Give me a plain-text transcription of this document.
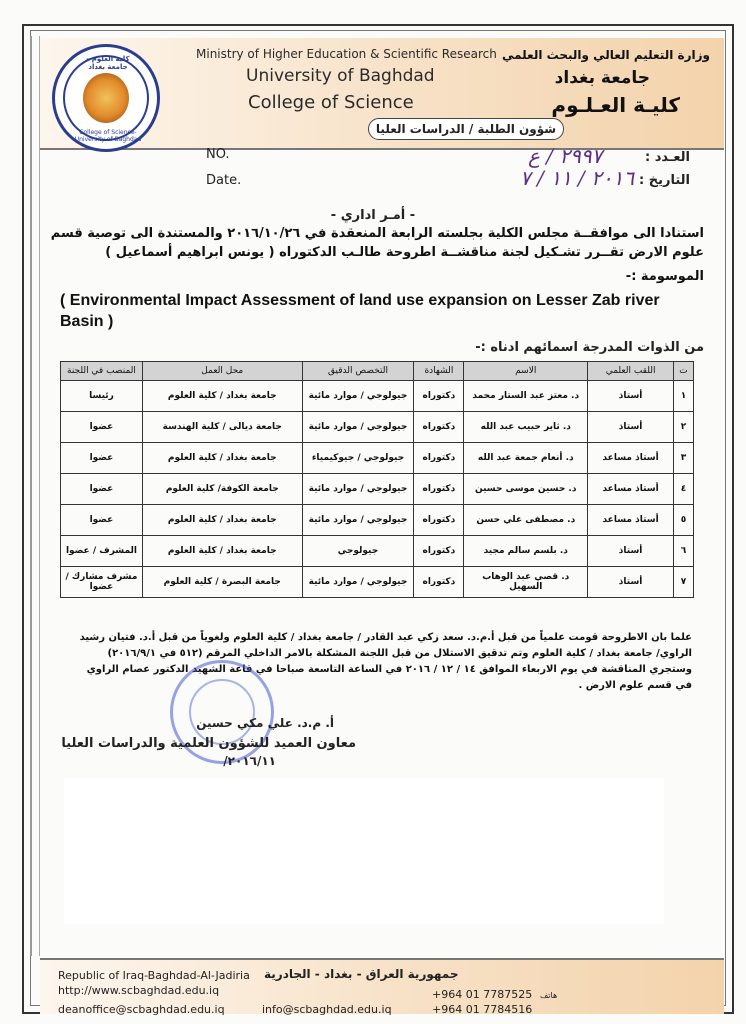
كلية العلوم - جامعة بغداد
College of Science-University of Baghdad
Ministry of Higher Education & Scientific Research
University of Baghdad
College of Science
وزارة التعليم العالي والبحث العلمي
جامعة بغداد
كليـة العـلـوم
شؤون الطلبة / الدراسات العليا
NO.
Date.
العـدد :
التاريخ :
٢٩٩٧ / ع
٢٠١٦ / ١١ / ٧
- أمـر اداري -
استنادا الى موافقــة مجلس الكلية بجلسته الرابعة المنعقدة في ٢٠١٦/١٠/٢٦ والمستندة الى توصية قسم
علوم الارض تقــرر تشـكيل لجنة مناقشــة اطروحة طالـب الدكتوراه ( يونس ابراهيم أسماعيل )
الموسومة :-
( Environmental Impact Assessment of land use expansion on Lesser Zab river Basin )
من الذوات المدرجة اسمائهم ادناه :-
ت	اللقب العلمي	الاسم	الشهادة	التخصص الدقيق	محل العمل	المنصب في اللجنة
١	أستاذ	د. معتز عبد الستار محمد	دكتوراه	جيولوجي / موارد مائية	جامعة بغداد / كلية العلوم	رئيسا
٢	أستاذ	د. ثاير حبيب عبد الله	دكتوراه	جيولوجي / موارد مائية	جامعة ديالى / كلية الهندسة	عضوا
٣	أستاذ مساعد	د. أنعام جمعة عبد الله	دكتوراه	جيولوجي / جيوكيمياء	جامعة بغداد / كلية العلوم	عضوا
٤	أستاذ مساعد	د. حسين موسى حسين	دكتوراه	جيولوجي / موارد مائية	جامعة الكوفة/ كلية العلوم	عضوا
٥	أستاذ مساعد	د. مصطفى علي حسن	دكتوراه	جيولوجي / موارد مائية	جامعة بغداد / كلية العلوم	عضوا
٦	أستاذ	د. بلسم سالم مجيد	دكتوراه	جيولوجي	جامعة بغداد / كلية العلوم	المشرف / عضوا
٧	أستاذ	د. قصي عبد الوهاب السهيل	دكتوراه	جيولوجي / موارد مائية	جامعة البصرة / كلية العلوم	مشرف مشارك / عضوا
علما بان الاطروحة قومت علمياً من قبل أ.م.د. سعد زكي عبد القادر / جامعة بغداد / كلية العلوم ولغوياً من قبل أ.د. فتيان رشيد الراوي/ جامعة بغداد / كلية العلوم وتم تدقيق الاستلال من قبل اللجنة المشكلة بالامر الداخلي المرقم (٥١٢ في ٢٠١٦/٩/١) وستجري المناقشة في يوم الاربعاء الموافق ١٤ / ١٢ / ٢٠١٦ في الساعة التاسعة صباحا في قاعة الشهيد الدكتور عصام الراوي في قسم علوم الارض .
أ. م.د. علي مكي حسين
معاون العميد للشؤون العلمية والدراسات العليا
٢٠١٦/١١/
Republic of Iraq-Baghdad-Al-Jadiria
http://www.scbaghdad.edu.iq
deanoffice@scbaghdad.edu.iq
جمهورية العراق - بغداد - الجادرية
info@scbaghdad.edu.iq
+964 01 7787525
+964 01 7784516
هاتف
